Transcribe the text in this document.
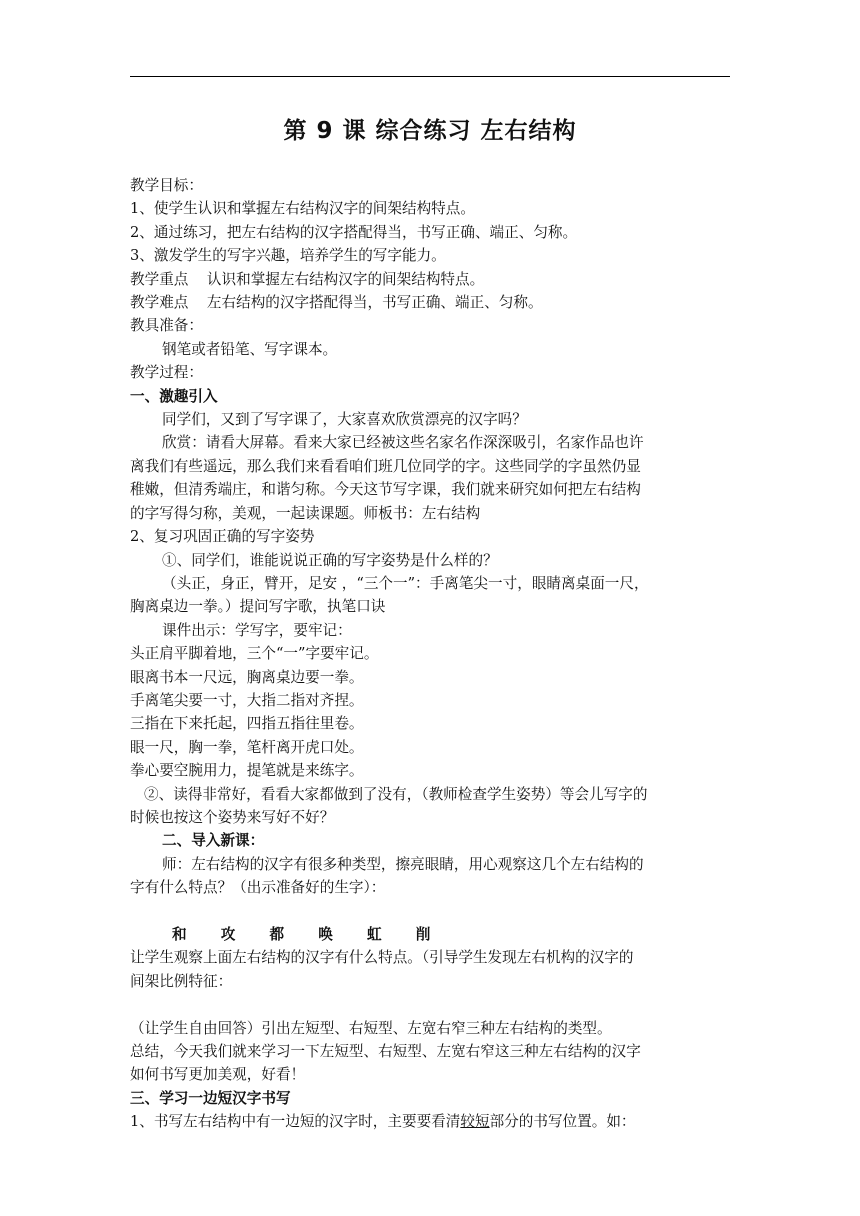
第 9 课 综合练习 左右结构
教学目标：
1、使学生认识和掌握左右结构汉字的间架结构特点。
2、通过练习，把左右结构的汉字搭配得当，书写正确、端正、匀称。
3、激发学生的写字兴趣，培养学生的写字能力。
教学重点    认识和掌握左右结构汉字的间架结构特点。
教学难点    左右结构的汉字搭配得当，书写正确、端正、匀称。
教具准备：
钢笔或者铅笔、写字课本。
教学过程：
一、激趣引入
同学们，又到了写字课了，大家喜欢欣赏漂亮的汉字吗？
欣赏：请看大屏幕。看来大家已经被这些名家名作深深吸引，名家作品也许
离我们有些遥远，那么我们来看看咱们班几位同学的字。这些同学的字虽然仍显
稚嫩，但清秀端庄，和谐匀称。今天这节写字课，我们就来研究如何把左右结构
的字写得匀称，美观，一起读课题。师板书：左右结构
2、复习巩固正确的写字姿势
①、同学们，谁能说说正确的写字姿势是什么样的？
（头正，身正，臂开，足安 ，“三个一”：手离笔尖一寸，眼睛离桌面一尺，
胸离桌边一拳。）提问写字歌，执笔口诀
课件出示：学写字，要牢记：
头正肩平脚着地，三个“一”字要牢记。
眼离书本一尺远，胸离桌边要一拳。
手离笔尖要一寸，大指二指对齐捏。
三指在下来托起，四指五指往里卷。
眼一尺，胸一拳，笔杆离开虎口处。
拳心要空腕用力，提笔就是来练字。
②、读得非常好，看看大家都做到了没有，（教师检查学生姿势）等会儿写字的
时候也按这个姿势来写好不好？
二、导入新课：
师：左右结构的汉字有很多种类型，擦亮眼睛，用心观察这几个左右结构的
字有什么特点？（出示准备好的生字）：
和  攻  都  唤  虹  削
让学生观察上面左右结构的汉字有什么特点。（引导学生发现左右机构的汉字的
间架比例特征：
（让学生自由回答）引出左短型、右短型、左宽右窄三种左右结构的类型。
总结，今天我们就来学习一下左短型、右短型、左宽右窄这三种左右结构的汉字
如何书写更加美观，好看！
三、学习一边短汉字书写
1、书写左右结构中有一边短的汉字时，主要要看清较短部分的书写位置。如：
